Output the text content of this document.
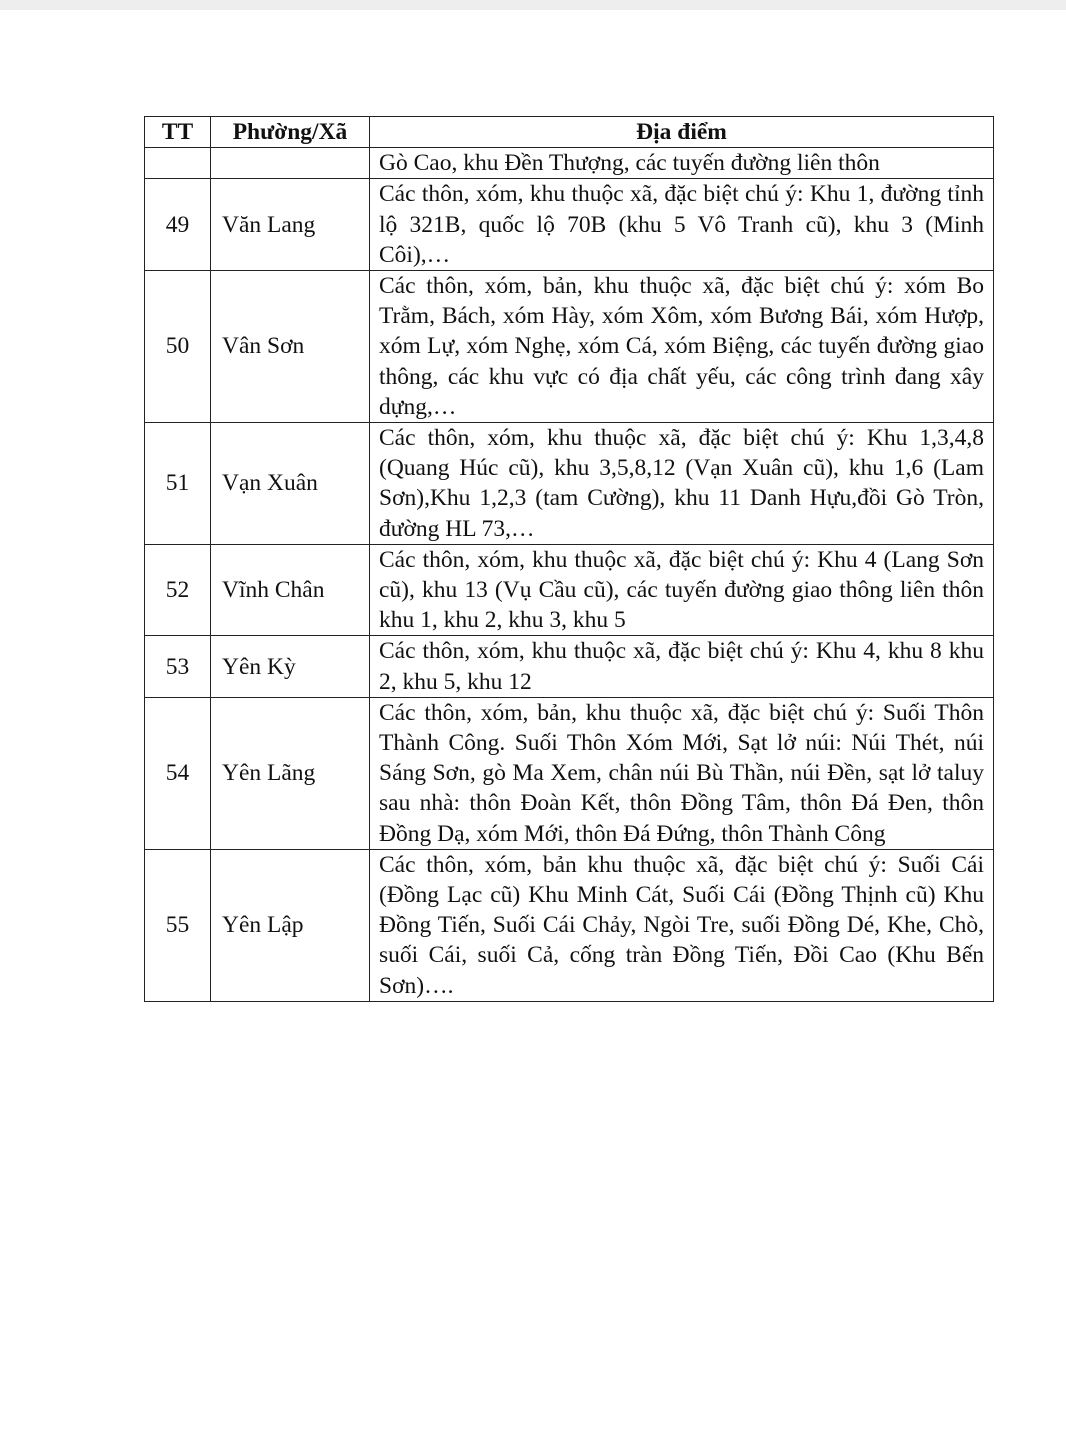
TT	Phường/Xã	Địa điểm

		Gò Cao, khu Đền Thượng, các tuyến đường liên thôn

49	Văn Lang	Các thôn, xóm, khu thuộc xã, đặc biệt chú ý: Khu 1, đường tỉnh lộ 321B, quốc lộ 70B (khu 5 Vô Tranh cũ), khu 3 (Minh Côi),…

50	Vân Sơn	Các thôn, xóm, bản, khu thuộc xã, đặc biệt chú ý: xóm Bo Trằm, Bách, xóm Hày, xóm Xôm, xóm Bương Bái, xóm Hượp, xóm Lự, xóm Nghẹ, xóm Cá, xóm Biệng, các tuyến đường giao thông, các khu vực có địa chất yếu, các công trình đang xây dựng,…

51	Vạn Xuân	Các thôn, xóm, khu thuộc xã, đặc biệt chú ý: Khu 1,3,4,8 (Quang Húc cũ), khu 3,5,8,12 (Vạn Xuân cũ), khu 1,6 (Lam Sơn),Khu 1,2,3 (tam Cường), khu 11 Danh Hựu,đồi Gò Tròn, đường HL 73,…

52	Vĩnh Chân	Các thôn, xóm, khu thuộc xã, đặc biệt chú ý: Khu 4 (Lang Sơn cũ), khu 13 (Vụ Cầu cũ), các tuyến đường giao thông liên thôn khu 1, khu 2, khu 3, khu 5

53	Yên Kỳ	Các thôn, xóm, khu thuộc xã, đặc biệt chú ý: Khu 4, khu 8 khu 2, khu 5, khu 12

54	Yên Lãng	Các thôn, xóm, bản, khu thuộc xã, đặc biệt chú ý: Suối Thôn Thành Công. Suối Thôn Xóm Mới, Sạt lở núi: Núi Thét, núi Sáng Sơn, gò Ma Xem, chân núi Bù Thần, núi Đền, sạt lở taluy sau nhà: thôn Đoàn Kết, thôn Đồng Tâm, thôn Đá Đen, thôn Đồng Dạ, xóm Mới, thôn Đá Đứng, thôn Thành Công

55	Yên Lập	Các thôn, xóm, bản khu thuộc xã, đặc biệt chú ý: Suối Cái (Đồng Lạc cũ) Khu Minh Cát, Suối Cái (Đồng Thịnh cũ) Khu Đồng Tiến, Suối Cái Chảy, Ngòi Tre, suối Đồng Dé, Khe, Chò, suối Cái, suối Cả, cống tràn Đồng Tiến, Đồi Cao (Khu Bến Sơn)….
